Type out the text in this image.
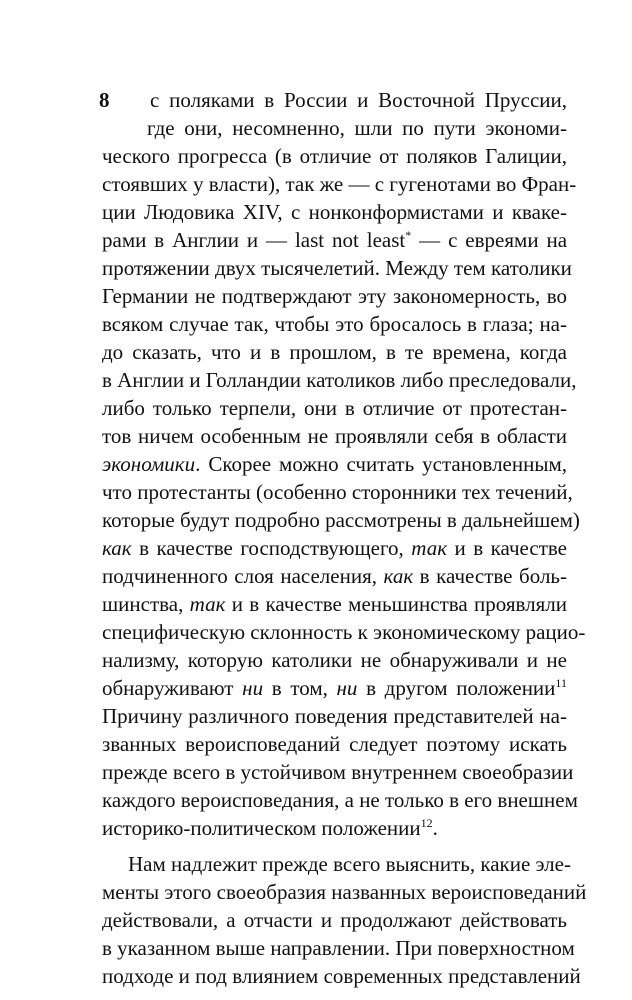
8 с поляками в России и Восточной Пруссии,
где они, несомненно, шли по пути экономи-
ческого прогресса (в отличие от поляков Галиции,
стоявших у власти), так же — с гугенотами во Фран-
ции Людовика XIV, с нонконформистами и кваке-
рами в Англии и — last not least* — с евреями на
протяжении двух тысячелетий. Между тем католики
Германии не подтверждают эту закономерность, во
всяком случае так, чтобы это бросалось в глаза; на-
до сказать, что и в прошлом, в те времена, когда
в Англии и Голландии католиков либо преследовали,
либо только терпели, они в отличие от протестан-
тов ничем особенным не проявляли себя в области
экономики. Скорее можно считать установленным,
что протестанты (особенно сторонники тех течений,
которые будут подробно рассмотрены в дальнейшем)
как в качестве господствующего, так и в качестве
подчиненного слоя населения, как в качестве боль-
шинства, так и в качестве меньшинства проявляли
специфическую склонность к экономическому рацио-
нализму, которую католики не обнаруживали и не
обнаруживают ни в том, ни в другом положении$^{11}$
Причину различного поведения представителей на-
званных вероисповеданий следует поэтому искать
прежде всего в устойчивом внутреннем своеобразии
каждого вероисповедания, а не только в его внешнем
историко-политическом положении$^{12}$.
Нам надлежит прежде всего выяснить, какие эле-
менты этого своеобразия названных вероисповеданий
действовали, а отчасти и продолжают действовать
в указанном выше направлении. При поверхностном
подходе и под влиянием современных представлений
